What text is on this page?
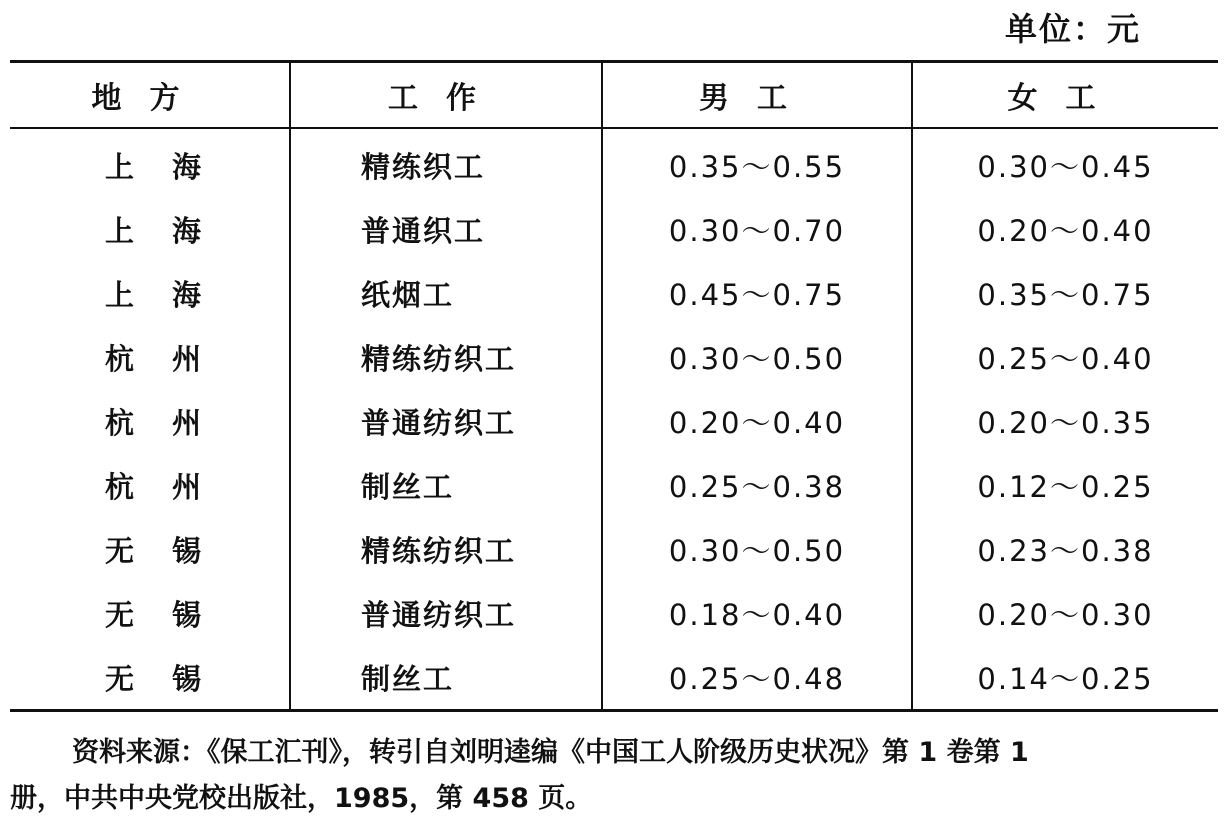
单位：元
地方	工作	男工	女工
上海	精练织工	0.35～0.55	0.30～0.45
上海	普通织工	0.30～0.70	0.20～0.40
上海	纸烟工	0.45～0.75	0.35～0.75
杭州	精练纺织工	0.30～0.50	0.25～0.40
杭州	普通纺织工	0.20～0.40	0.20～0.35
杭州	制丝工	0.25～0.38	0.12～0.25
无锡	精练纺织工	0.30～0.50	0.23～0.38
无锡	普通纺织工	0.18～0.40	0.20～0.30
无锡	制丝工	0.25～0.48	0.14～0.25
资料来源：《保工汇刊》，转引自刘明逵编《中国工人阶级历史状况》第 1 卷第 1
册，中共中央党校出版社，1985，第 458 页。
